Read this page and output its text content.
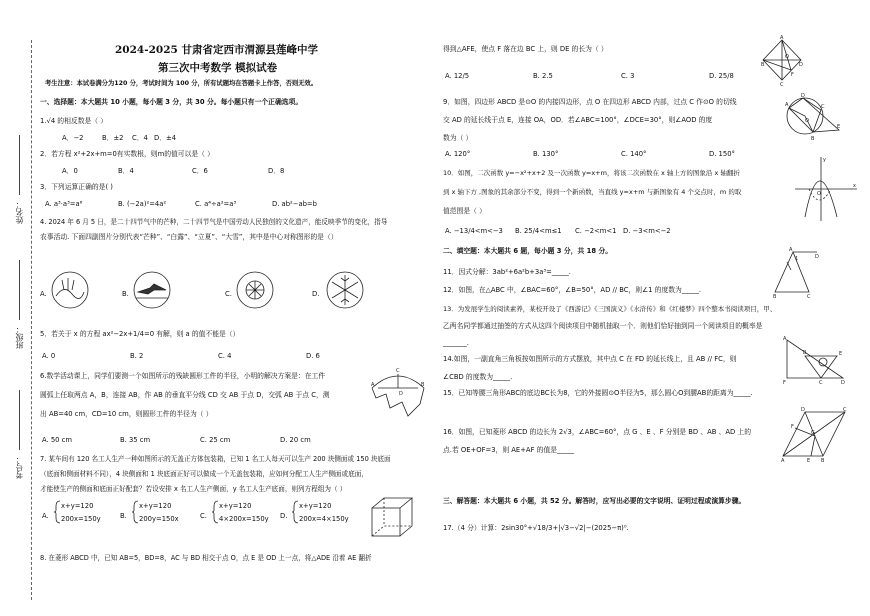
姓名：
班级：
考号：
2024-2025 甘肃省定西市渭源县莲峰中学
第三次中考数学 模拟试卷
考生注意：本试卷满分为120 分，考试时间为 100 分，所有试题均在答题卡上作答，否则无效。
一、选择题：本大题共 10 小题，每小题 3 分，共 30 分。每小题只有一个正确选项。
1.√4 的相反数是（ ）
A．−2	B．±2 C．4 D．±4
2．若方程 x²+2x+m=0有实数根，则m的值可以是（ ）
A．0	B．4	C．6	D．8
3．下列运算正确的是( )
A. a³·a³=a⁶	B. (−2a)²=4a²	C. a⁴÷a²=a³	D. ab²−ab=b
4. 2024 年 6 月 5 日，是二十四节气中的芒种，二十四节气是中国劳动人民独创的文化遗产，能反映季节的变化，指导
农事活动. 下面四副图片分别代表“芒种”、“白露”、“立夏”、“大雪”，其中是中心对称图形的是（）
A.	B.	C.	D.
5．若关于 x 的方程 ax²−2x+1/4=0 有解，则 a 的值不能是（）
A. 0	B. 2	C. 4	D. 6
6.数学活动课上，同学们要测一个如图所示的残缺圆形工件的半径，小明的解决方案是：在工件
圆弧上任取两点 A，B，连接 AB，作 AB 的垂直平分线 CD 交 AB 于点 D，交弧 AB 于点 C，测
出 AB=40 cm，CD=10 cm，则圆形工件的半径为（ ）
A. 50 cm	B. 35 cm	C. 25 cm	D. 20 cm
C
A	B
D
7. 某车间有 120 名工人生产一种如图所示的无盖正方体包装箱，已知 1 名工人每天可以生产 200 块侧面或 150 块底面
（底面和侧面材料不同），4 块侧面和 1 块底面正好可以做成一个无盖包装箱，应如何分配工人生产侧面或底面，
才能使生产的侧面和底面正好配套？若设安排 x 名工人生产侧面，y 名工人生产底面，则列方程组为（ ）
A.
x+y=120
200x=150y	B.
x+y=120
200y=150x	C.
x+y=120
4×200x=150y D.
x+y=120
200x=4×150y
8. 在菱形 ABCD 中，已知 AB=5，BD=8，AC 与 BD 相交于点 O，点 E 是 OD 上一点，将△ADE 沿着 AE 翻折
得到△AFE，使点 F 落在边 BC 上，则 DE 的长为（ ）
A
B
C
D
O
F
A. 12/5	B. 2.5	C. 3	D. 25/8
9．如图，四边形 ABCD 是⊙O 的内接四边形，点 O 在四边形 ABCD 内部，过点 C 作⊙O 的切线
交 AD 的延长线于点 E，连接 OA，OD．若∠ABC=100°，∠DCE=30°，则∠AOD 的度
数为（ ）
A
D
C
B
E
O
A. 120°	B. 130°	C. 140°	D. 150°
10．如图，二次函数 y=−x²+x+2 及一次函数 y=x+m，将该二次函数在 x 轴上方的图象沿 x 轴翻折
到 x 轴下方 ,图象的其余部分不变，得到一个新函数，当直线 y=x+m 与新图象有 4 个交点时，m 的取
值范围是（ ）
x
y
O
A. −13/4<m<−3 B. 25/4<m≤1 C. −2<m<1 D. −3<m<−2
二、填空题：本大题共 6 题，每小题 3 分，共 18 分。
11．因式分解：3ab²+6a²b+3a³=_____.
12．如图，在△ABC 中，∠BAC=60°，∠B=50°，AD // BC，则∠1 的度数为_____.
A
D
B	C
1
13．为发展学生的阅读素养，某校开设了《西游记》《三国演义》《水浒传》和《红楼梦》四个整本书阅读项目，甲、
乙两名同学都通过抽签的方式从这四个阅读项目中随机抽取一个．则他们恰好抽到同一个阅读项目的概率是
_______.
14.如图，一副直角三角板按如图所示的方式摆放，其中点 C 在 FD 的延长线上，且 AB // FC，则
∠CBD 的度数为_____.
A
F	C	D
E
B
15．已知等腰三角形ABC的底边BC长为8，它的外接圆⊙O半径为5，那么圆心O到腰AB的距离为_____.
16．如图，已知菱形 ABCD 的边长为 2√3，∠ABC=60°，点 G 、E 、F 分别是 BD 、AB 、AD 上的
点.若 OE+OF=3，则 AE+AF 的值是_____
D	C
A	B
G
F
E
三、解答题：本大题共 6 小题，共 52 分。解答时，应写出必要的文字说明、证明过程或演算步骤。
17.（4 分）计算：2sin30°+√18/3+|√3−√2|−(2025−π)⁰.
